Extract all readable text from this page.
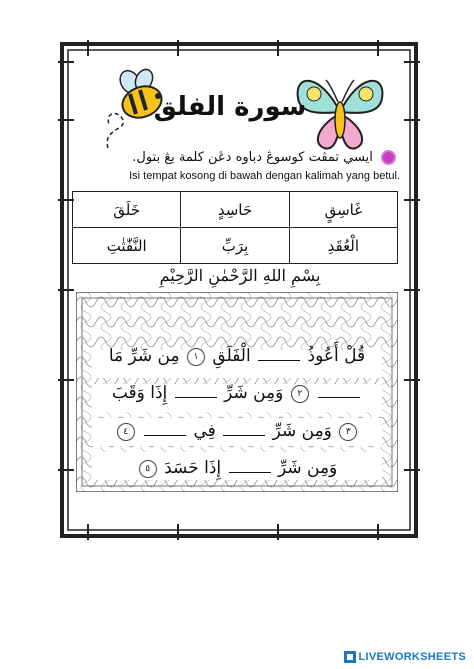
سورة الفلق
ايسي تمڤت كوسوڠ دباوه دڠن كلمة يڠ بتول.
Isi tempat kosong di bawah dengan kalimah yang betul.
خَلَقَ	حَاسِدٍ	غَاسِقٍ
النَّفّٰثٰتِ	بِرَبِّ	الْعُقَدِ
بِسْمِ اللهِ الرَّحْمٰنِ الرَّحِيْمِ
قُلْ أَعُوذُ  الْفَلَقِ ١ مِن شَرِّ مَا
٢ وَمِن شَرِّ  إِذَا وَقَبَ
٣ وَمِن شَرِّ  فِي  ٤
وَمِن شَرِّ  إِذَا حَسَدَ ٥
LIVEWORKSHEETS
